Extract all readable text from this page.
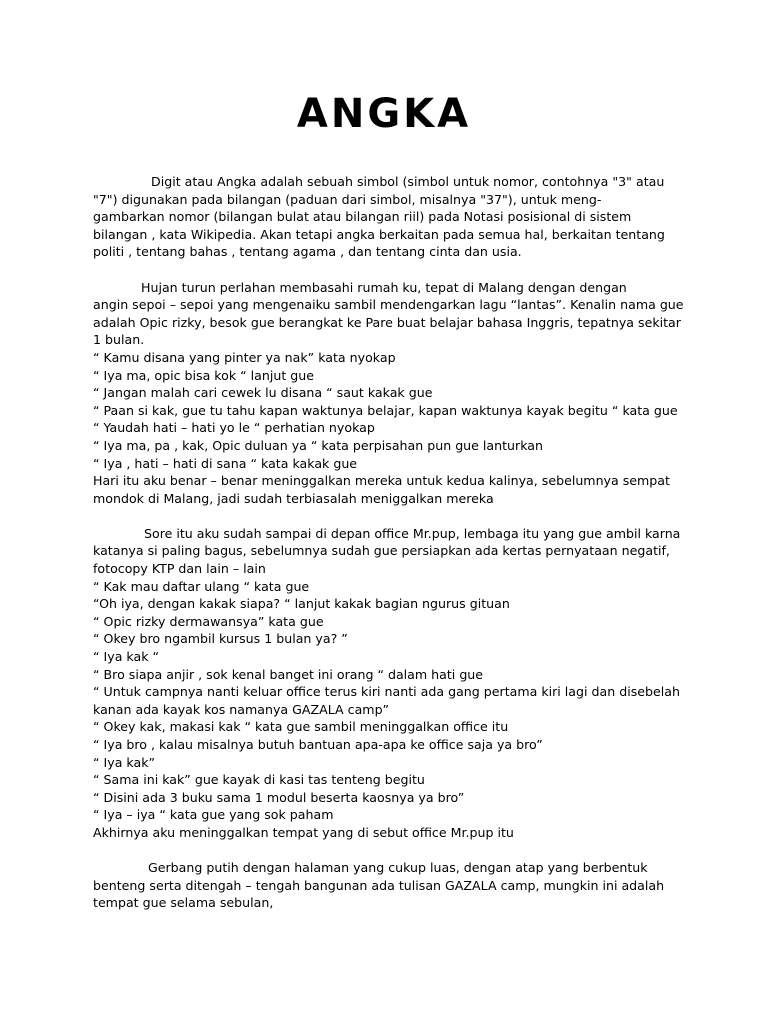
ANGKA
Digit atau Angka adalah sebuah simbol (simbol untuk nomor, contohnya "3" atau
"7") digunakan pada bilangan (paduan dari simbol, misalnya "37"), untuk meng-
gambarkan nomor (bilangan bulat atau bilangan riil) pada Notasi posisional di sistem
bilangan , kata Wikipedia. Akan tetapi angka berkaitan pada semua hal, berkaitan tentang
politi , tentang bahas , tentang agama , dan tentang cinta dan usia.
Hujan turun perlahan membasahi rumah ku, tepat di Malang dengan dengan
angin sepoi – sepoi yang mengenaiku sambil mendengarkan lagu “lantas”. Kenalin nama gue
adalah Opic rizky, besok gue berangkat ke Pare buat belajar bahasa Inggris, tepatnya sekitar
1 bulan.
“ Kamu disana yang pinter ya nak” kata nyokap
“ Iya ma, opic bisa kok “ lanjut gue
“ Jangan malah cari cewek lu disana “ saut kakak gue
“ Paan si kak, gue tu tahu kapan waktunya belajar, kapan waktunya kayak begitu “ kata gue
“ Yaudah hati – hati yo le “ perhatian nyokap
“ Iya ma, pa , kak, Opic duluan ya “ kata perpisahan pun gue lanturkan
“ Iya , hati – hati di sana “ kata kakak gue
Hari itu aku benar – benar meninggalkan mereka untuk kedua kalinya, sebelumnya sempat
mondok di Malang, jadi sudah terbiasalah meniggalkan mereka
Sore itu aku sudah sampai di depan office Mr.pup, lembaga itu yang gue ambil karna
katanya si paling bagus, sebelumnya sudah gue persiapkan ada kertas pernyataan negatif,
fotocopy KTP dan lain – lain
“ Kak mau daftar ulang “ kata gue
“Oh iya, dengan kakak siapa? “ lanjut kakak bagian ngurus gituan
“ Opic rizky dermawansya” kata gue
“ Okey bro ngambil kursus 1 bulan ya? ”
“ Iya kak “
“ Bro siapa anjir , sok kenal banget ini orang “ dalam hati gue
“ Untuk campnya nanti keluar office terus kiri nanti ada gang pertama kiri lagi dan disebelah
kanan ada kayak kos namanya GAZALA camp”
“ Okey kak, makasi kak “ kata gue sambil meninggalkan office itu
“ Iya bro , kalau misalnya butuh bantuan apa-apa ke office saja ya bro”
“ Iya kak”
“ Sama ini kak” gue kayak di kasi tas tenteng begitu
“ Disini ada 3 buku sama 1 modul beserta kaosnya ya bro”
“ Iya – iya “ kata gue yang sok paham
Akhirnya aku meninggalkan tempat yang di sebut office Mr.pup itu
Gerbang putih dengan halaman yang cukup luas, dengan atap yang berbentuk
benteng serta ditengah – tengah bangunan ada tulisan GAZALA camp, mungkin ini adalah
tempat gue selama sebulan,
